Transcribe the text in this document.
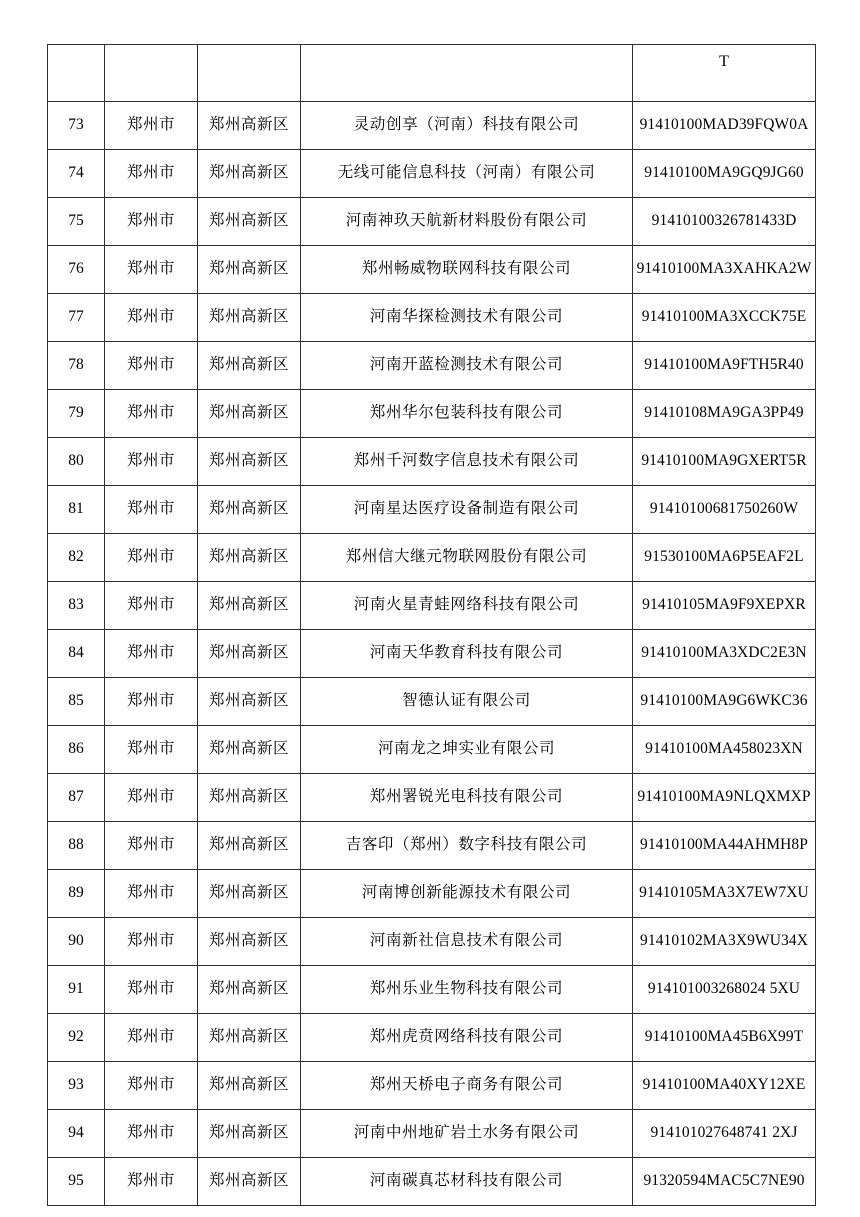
				T
73	郑州市	郑州高新区	灵动创享（河南）科技有限公司	91410100MAD39FQW0A
74	郑州市	郑州高新区	无线可能信息科技（河南）有限公司	91410100MA9GQ9JG60
75	郑州市	郑州高新区	河南神玖天航新材料股份有限公司	91410100326781433D
76	郑州市	郑州高新区	郑州畅威物联网科技有限公司	91410100MA3XAHKA2W
77	郑州市	郑州高新区	河南华探检测技术有限公司	91410100MA3XCCK75E
78	郑州市	郑州高新区	河南开蓝检测技术有限公司	91410100MA9FTH5R40
79	郑州市	郑州高新区	郑州华尔包装科技有限公司	91410108MA9GA3PP49
80	郑州市	郑州高新区	郑州千河数字信息技术有限公司	91410100MA9GXERT5R
81	郑州市	郑州高新区	河南星达医疗设备制造有限公司	91410100681750260W
82	郑州市	郑州高新区	郑州信大继元物联网股份有限公司	91530100MA6P5EAF2L
83	郑州市	郑州高新区	河南火星青蛙网络科技有限公司	91410105MA9F9XEPXR
84	郑州市	郑州高新区	河南天华教育科技有限公司	91410100MA3XDC2E3N
85	郑州市	郑州高新区	智德认证有限公司	91410100MA9G6WKC36
86	郑州市	郑州高新区	河南龙之坤实业有限公司	91410100MA458023XN
87	郑州市	郑州高新区	郑州署锐光电科技有限公司	91410100MA9NLQXMXP
88	郑州市	郑州高新区	吉客印（郑州）数字科技有限公司	91410100MA44AHMH8P
89	郑州市	郑州高新区	河南博创新能源技术有限公司	91410105MA3X7EW7XU
90	郑州市	郑州高新区	河南新社信息技术有限公司	91410102MA3X9WU34X
91	郑州市	郑州高新区	郑州乐业生物科技有限公司	914101003268024 5XU
92	郑州市	郑州高新区	郑州虎贲网络科技有限公司	91410100MA45B6X99T
93	郑州市	郑州高新区	郑州天桥电子商务有限公司	91410100MA40XY12XE
94	郑州市	郑州高新区	河南中州地矿岩土水务有限公司	914101027648741 2XJ
95	郑州市	郑州高新区	河南碳真芯材科技有限公司	91320594MAC5C7NE90
